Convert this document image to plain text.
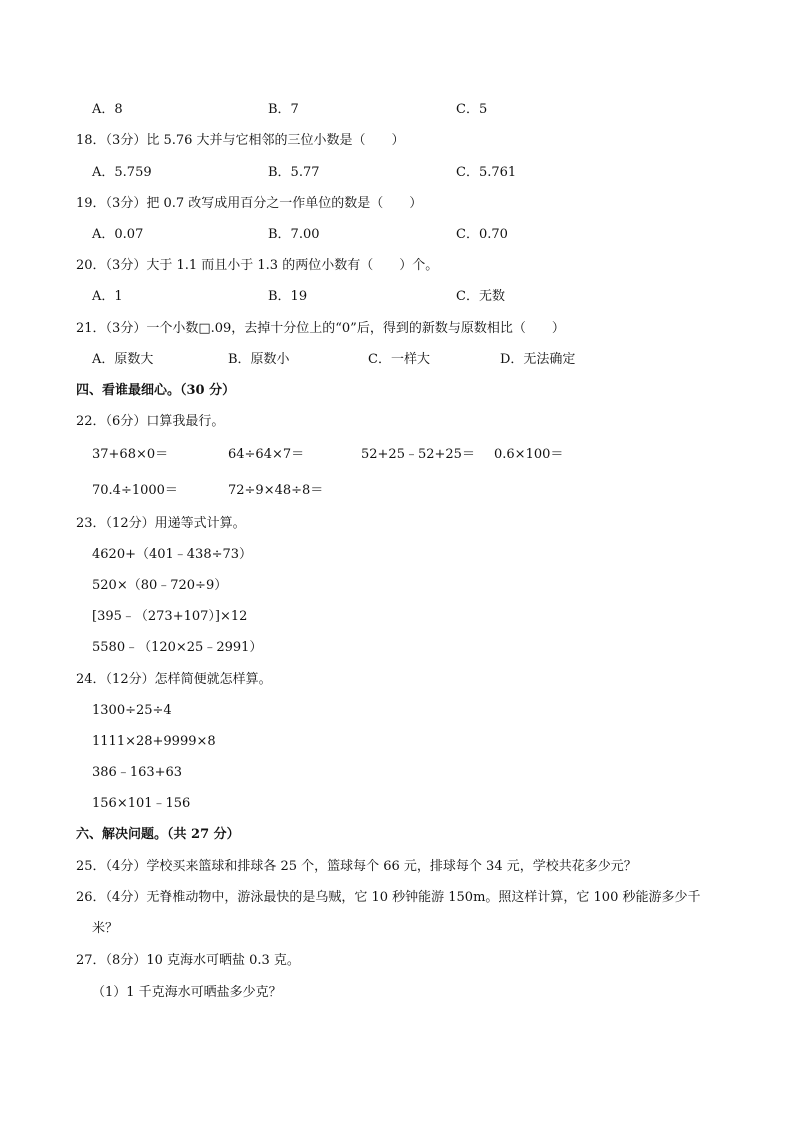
A．8	B．7	C．5
18．（3分）比 5.76 大并与它相邻的三位小数是（　　）
A．5.759	B．5.77	C．5.761
19．（3分）把 0.7 改写成用百分之一作单位的数是（　　）
A．0.07	B．7.00	C．0.70
20．（3分）大于 1.1 而且小于 1.3 的两位小数有（　　）个。
A．1	B．19	C．无数
21．（3分）一个小数□.09，去掉十分位上的“0”后，得到的新数与原数相比（　　）
A．原数大	B．原数小	C．一样大	D．无法确定
四、看谁最细心。（30 分）
22．（6分）口算我最行。
37+68×0＝	64÷64×7＝	52+25﹣52+25＝ 0.6×100＝
70.4÷1000＝	72÷9×48÷8＝
23．（12分）用递等式计算。
4620+（401﹣438÷73）
520×（80﹣720÷9）
[395﹣（273+107）]×12
5580﹣（120×25﹣2991）
24．（12分）怎样简便就怎样算。
1300÷25÷4
1111×28+9999×8
386﹣163+63
156×101﹣156
六、解决问题。（共 27 分）
25．（4分）学校买来篮球和排球各 25 个，篮球每个 66 元，排球每个 34 元，学校共花多少元？
26．（4分）无脊椎动物中，游泳最快的是乌贼，它 10 秒钟能游 150m。照这样计算，它 100 秒能游多少千
米？
27．（8分）10 克海水可晒盐 0.3 克。
（1）1 千克海水可晒盐多少克？
